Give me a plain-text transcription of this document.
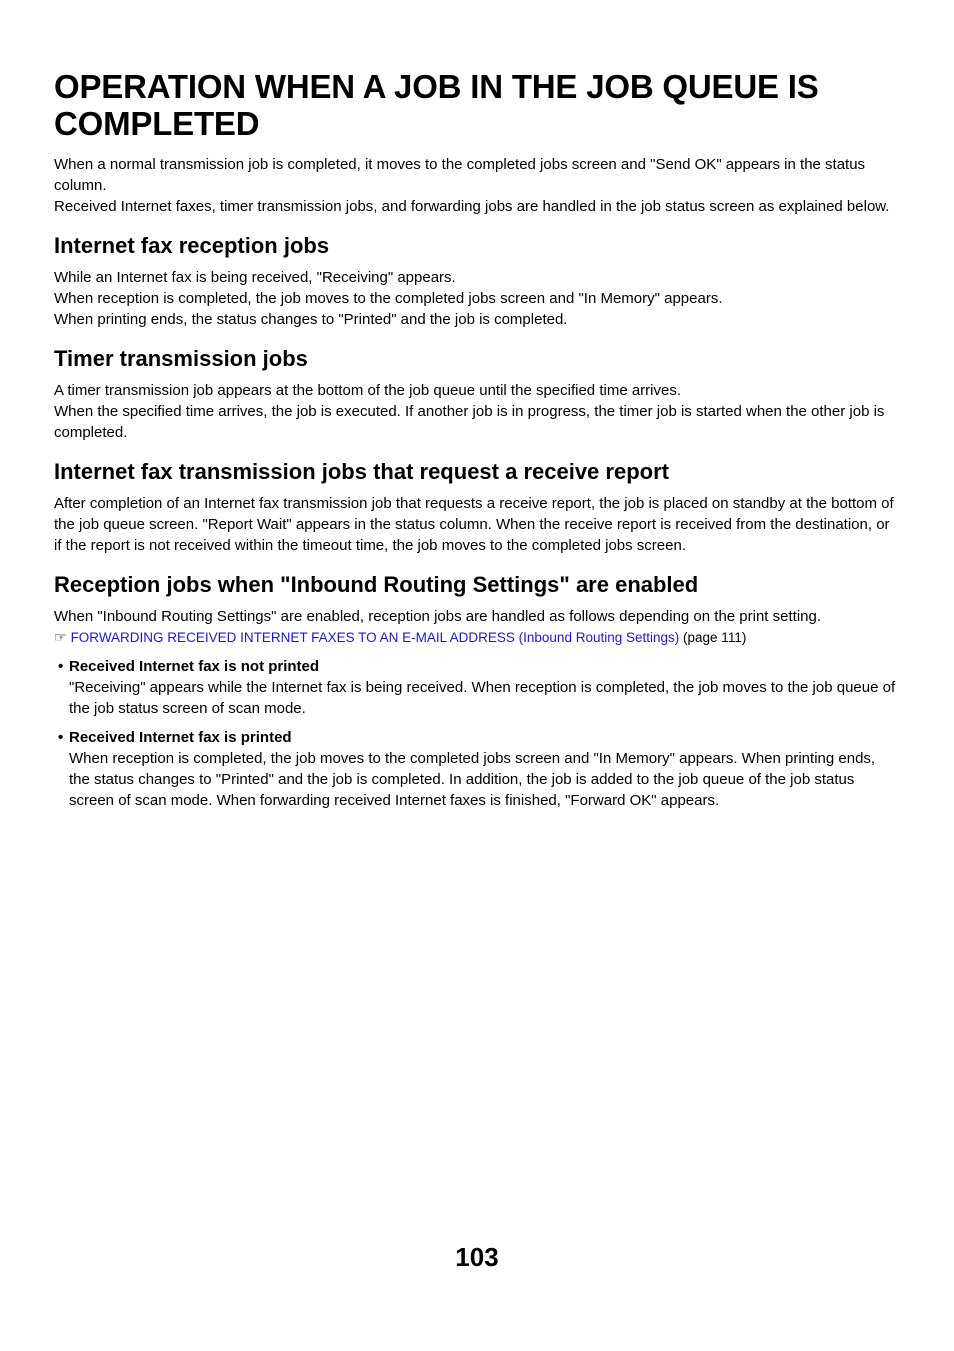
OPERATION WHEN A JOB IN THE JOB QUEUE IS COMPLETED

When a normal transmission job is completed, it moves to the completed jobs screen and "Send OK" appears in the status column.

Received Internet faxes, timer transmission jobs, and forwarding jobs are handled in the job status screen as explained below.

Internet fax reception jobs

While an Internet fax is being received, "Receiving" appears.

When reception is completed, the job moves to the completed jobs screen and "In Memory" appears.

When printing ends, the status changes to "Printed" and the job is completed.

Timer transmission jobs

A timer transmission job appears at the bottom of the job queue until the specified time arrives.

When the specified time arrives, the job is executed. If another job is in progress, the timer job is started when the other job is completed.

Internet fax transmission jobs that request a receive report

After completion of an Internet fax transmission job that requests a receive report, the job is placed on standby at the bottom of the job queue screen. "Report Wait" appears in the status column. When the receive report is received from the destination, or if the report is not received within the timeout time, the job moves to the completed jobs screen.

Reception jobs when "Inbound Routing Settings" are enabled

When "Inbound Routing Settings" are enabled, reception jobs are handled as follows depending on the print setting.

☞ FORWARDING RECEIVED INTERNET FAXES TO AN E-MAIL ADDRESS (Inbound Routing Settings) (page 111)
• Received Internet fax is not printed

"Receiving" appears while the Internet fax is being received. When reception is completed, the job moves to the job queue of the job status screen of scan mode.

• Received Internet fax is printed

When reception is completed, the job moves to the completed jobs screen and "In Memory" appears. When printing ends, the status changes to "Printed" and the job is completed. In addition, the job is added to the job queue of the job status screen of scan mode. When forwarding received Internet faxes is finished, "Forward OK" appears.

103
